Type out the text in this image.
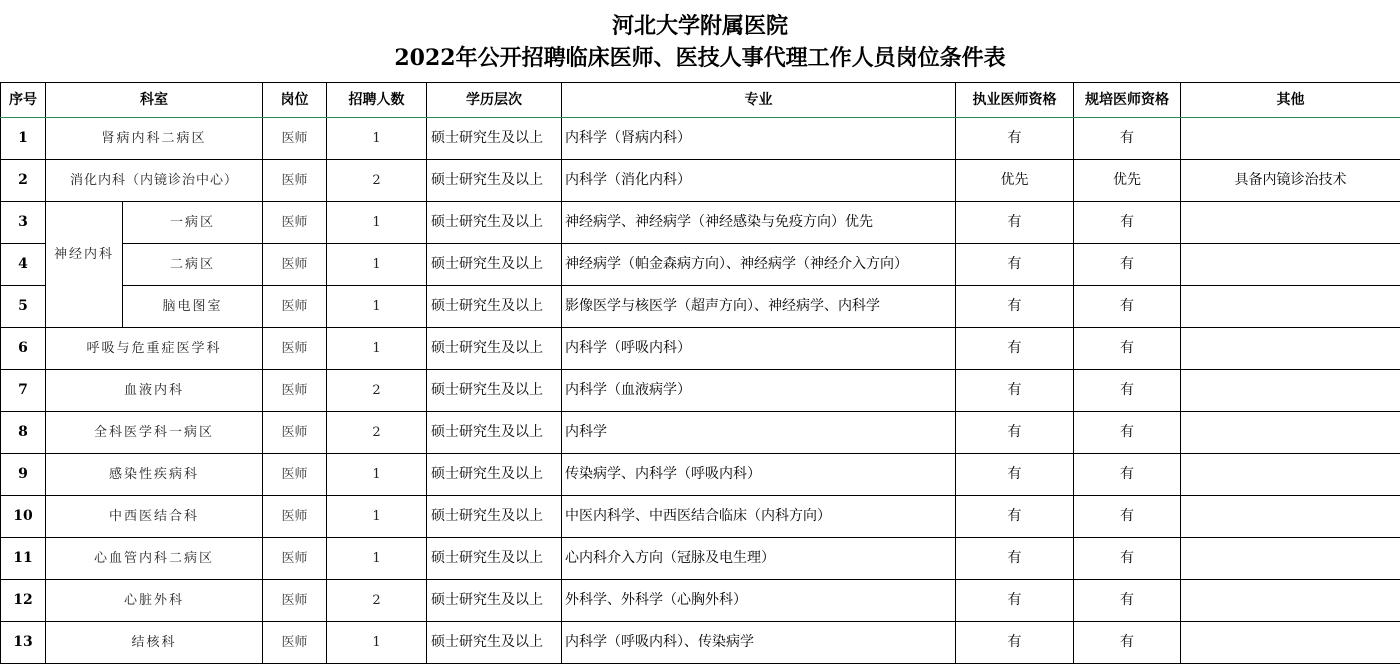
河北大学附属医院
2022年公开招聘临床医师、医技人事代理工作人员岗位条件表
序号	科室		岗位	招聘人数	学历层次	专业	执业医师资格	规培医师资格	其他
1	肾病内科二病区		医师	1	硕士研究生及以上	内科学（肾病内科）	有	有	
2	消化内科（内镜诊治中心）		医师	2	硕士研究生及以上	内科学（消化内科）	优先	优先	具备内镜诊治技术
3	神经内科	一病区	医师	1	硕士研究生及以上	神经病学、神经病学（神经感染与免疫方向）优先	有	有	
4		二病区	医师	1	硕士研究生及以上	神经病学（帕金森病方向）、神经病学（神经介入方向）	有	有	
5		脑电图室	医师	1	硕士研究生及以上	影像医学与核医学（超声方向）、神经病学、内科学	有	有	
6	呼吸与危重症医学科		医师	1	硕士研究生及以上	内科学（呼吸内科）	有	有	
7	血液内科		医师	2	硕士研究生及以上	内科学（血液病学）	有	有	
8	全科医学科一病区		医师	2	硕士研究生及以上	内科学	有	有	
9	感染性疾病科		医师	1	硕士研究生及以上	传染病学、内科学（呼吸内科）	有	有	
10	中西医结合科		医师	1	硕士研究生及以上	中医内科学、中西医结合临床（内科方向）	有	有	
11	心血管内科二病区		医师	1	硕士研究生及以上	心内科介入方向（冠脉及电生理）	有	有	
12	心脏外科		医师	2	硕士研究生及以上	外科学、外科学（心胸外科）	有	有	
13	结核科		医师	1	硕士研究生及以上	内科学（呼吸内科）、传染病学	有	有	
